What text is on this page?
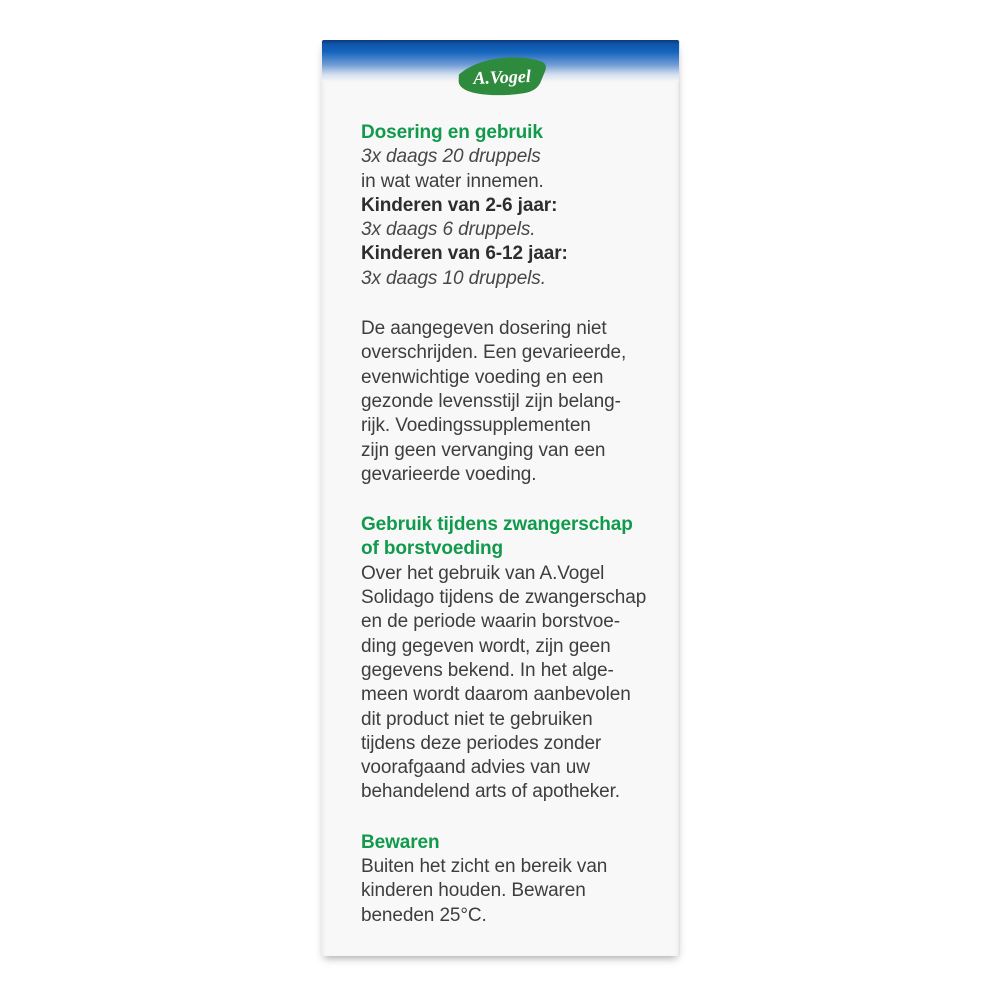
A.Vogel
Dosering en gebruik
3x daags 20 druppels
in wat water innemen.
Kinderen van 2-6 jaar:
3x daags 6 druppels.
Kinderen van 6-12 jaar:
3x daags 10 druppels.
De aangegeven dosering niet
overschrijden. Een gevarieerde,
evenwichtige voeding en een
gezonde levensstijl zijn belang-
rijk. Voedingssupplementen
zijn geen vervanging van een
gevarieerde voeding.
Gebruik tijdens zwangerschap
of borstvoeding
Over het gebruik van A.Vogel
Solidago tijdens de zwangerschap
en de periode waarin borstvoe-
ding gegeven wordt, zijn geen
gegevens bekend. In het alge-
meen wordt daarom aanbevolen
dit product niet te gebruiken
tijdens deze periodes zonder
voorafgaand advies van uw
behandelend arts of apotheker.
Bewaren
Buiten het zicht en bereik van
kinderen houden. Bewaren
beneden 25°C.
